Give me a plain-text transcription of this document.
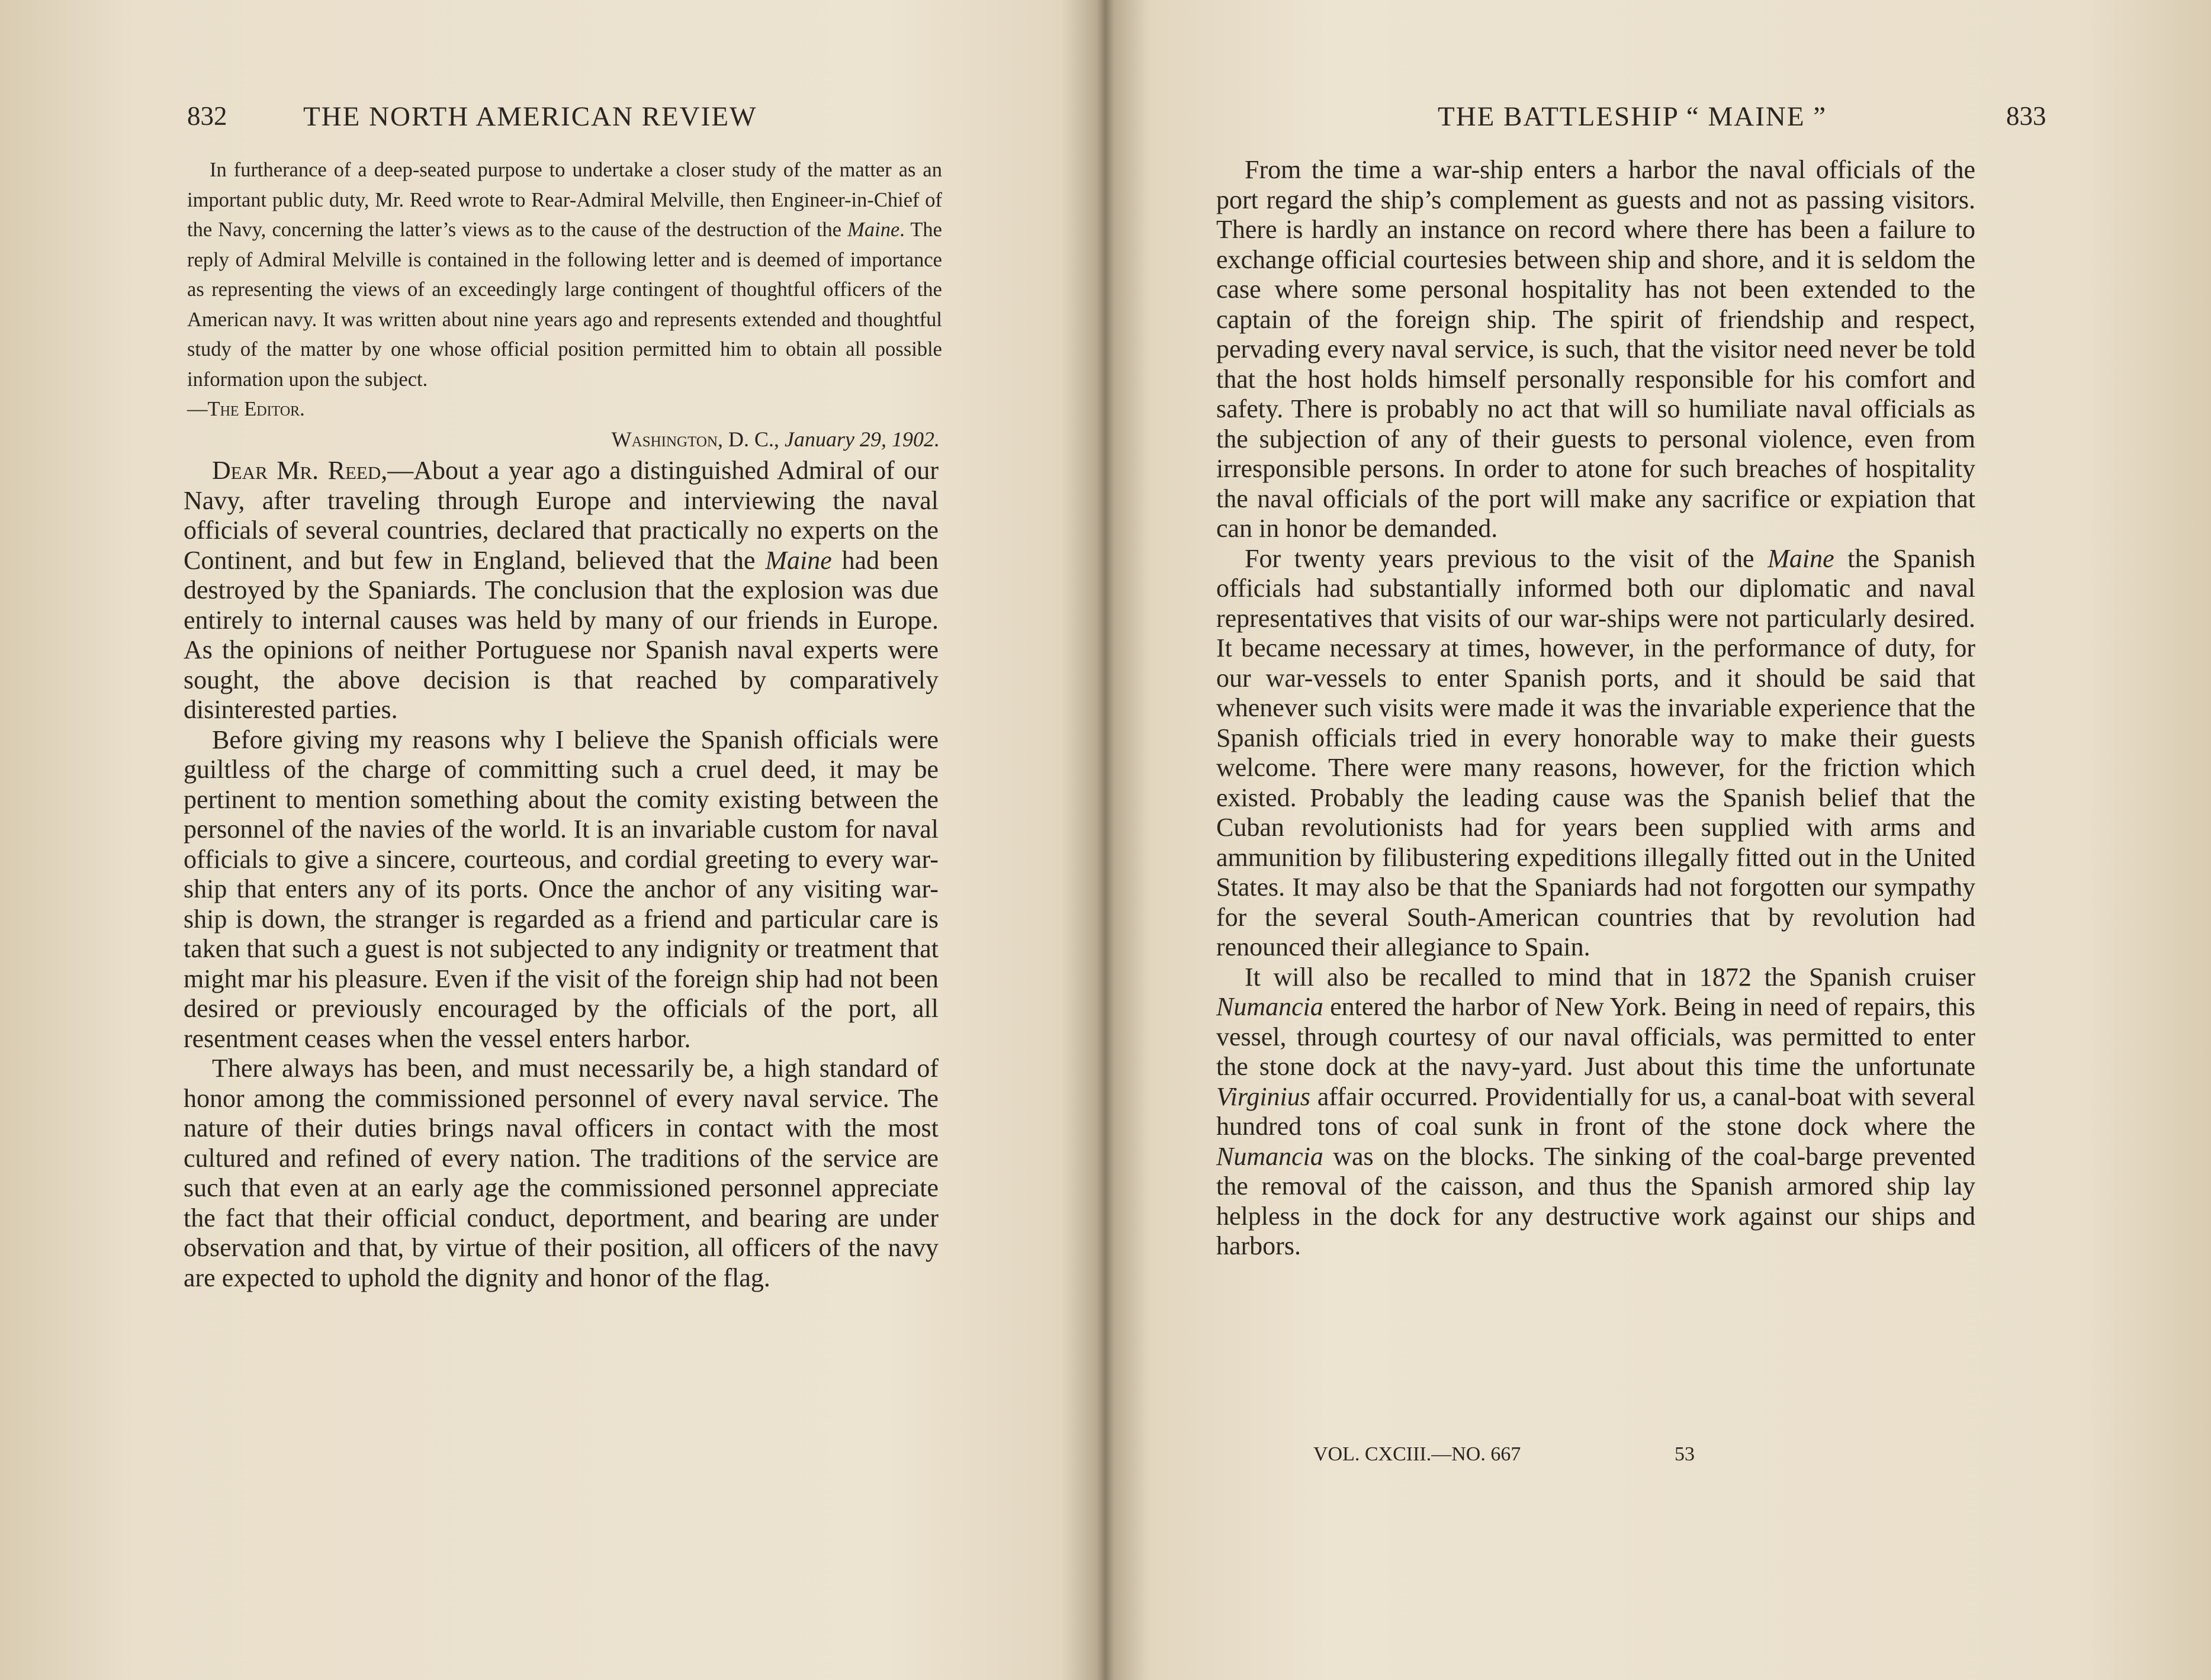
832	THE NORTH AMERICAN REVIEW

In furtherance of a deep-seated purpose to undertake a closer study of the matter as an important public duty, Mr. Reed wrote to Rear-Admiral Melville, then Engineer-in-Chief of the Navy, concerning the latter’s views as to the cause of the destruction of the Maine. The reply of Admiral Melville is contained in the following letter and is deemed of importance as representing the views of an exceedingly large contingent of thoughtful officers of the American navy. It was written about nine years ago and represents extended and thoughtful study of the matter by one whose official position permitted him to obtain all possible information upon the subject.
—The Editor.

Washington, D. C., January 29, 1902.

Dear Mr. Reed,—About a year ago a distinguished Admiral of our Navy, after traveling through Europe and interviewing the naval officials of several countries, declared that practically no experts on the Continent, and but few in England, believed that the Maine had been destroyed by the Spaniards. The conclusion that the explosion was due entirely to internal causes was held by many of our friends in Europe. As the opinions of neither Portuguese nor Spanish naval experts were sought, the above decision is that reached by comparatively disinterested parties.

Before giving my reasons why I believe the Spanish officials were guiltless of the charge of committing such a cruel deed, it may be pertinent to mention something about the comity existing between the personnel of the navies of the world. It is an invariable custom for naval officials to give a sincere, courteous, and cordial greeting to every war-ship that enters any of its ports. Once the anchor of any visiting war-ship is down, the stranger is regarded as a friend and particular care is taken that such a guest is not subjected to any indignity or treatment that might mar his pleasure. Even if the visit of the foreign ship had not been desired or previously encouraged by the officials of the port, all resentment ceases when the vessel enters harbor.

There always has been, and must necessarily be, a high standard of honor among the commissioned personnel of every naval service. The nature of their duties brings naval officers in contact with the most cultured and refined of every nation. The traditions of the service are such that even at an early age the commissioned personnel appreciate the fact that their official conduct, deportment, and bearing are under observation and that, by virtue of their position, all officers of the navy are expected to uphold the dignity and honor of the flag.

THE BATTLESHIP “ MAINE ”	833

From the time a war-ship enters a harbor the naval officials of the port regard the ship’s complement as guests and not as passing visitors. There is hardly an instance on record where there has been a failure to exchange official courtesies between ship and shore, and it is seldom the case where some personal hospitality has not been extended to the captain of the foreign ship. The spirit of friendship and respect, pervading every naval service, is such, that the visitor need never be told that the host holds himself personally responsible for his comfort and safety. There is probably no act that will so humiliate naval officials as the subjection of any of their guests to personal violence, even from irresponsible persons. In order to atone for such breaches of hospitality the naval officials of the port will make any sacrifice or expiation that can in honor be demanded.

For twenty years previous to the visit of the Maine the Spanish officials had substantially informed both our diplomatic and naval representatives that visits of our war-ships were not particularly desired. It became necessary at times, however, in the performance of duty, for our war-vessels to enter Spanish ports, and it should be said that whenever such visits were made it was the invariable experience that the Spanish officials tried in every honorable way to make their guests welcome. There were many reasons, however, for the friction which existed. Probably the leading cause was the Spanish belief that the Cuban revolutionists had for years been supplied with arms and ammunition by filibustering expeditions illegally fitted out in the United States. It may also be that the Spaniards had not forgotten our sympathy for the several South-American countries that by revolution had renounced their allegiance to Spain.

It will also be recalled to mind that in 1872 the Spanish cruiser Numancia entered the harbor of New York. Being in need of repairs, this vessel, through courtesy of our naval officials, was permitted to enter the stone dock at the navy-yard. Just about this time the unfortunate Virginius affair occurred. Providentially for us, a canal-boat with several hundred tons of coal sunk in front of the stone dock where the Numancia was on the blocks. The sinking of the coal-barge prevented the removal of the caisson, and thus the Spanish armored ship lay helpless in the dock for any destructive work against our ships and harbors.

VOL. CXCIII.—NO. 667	53
